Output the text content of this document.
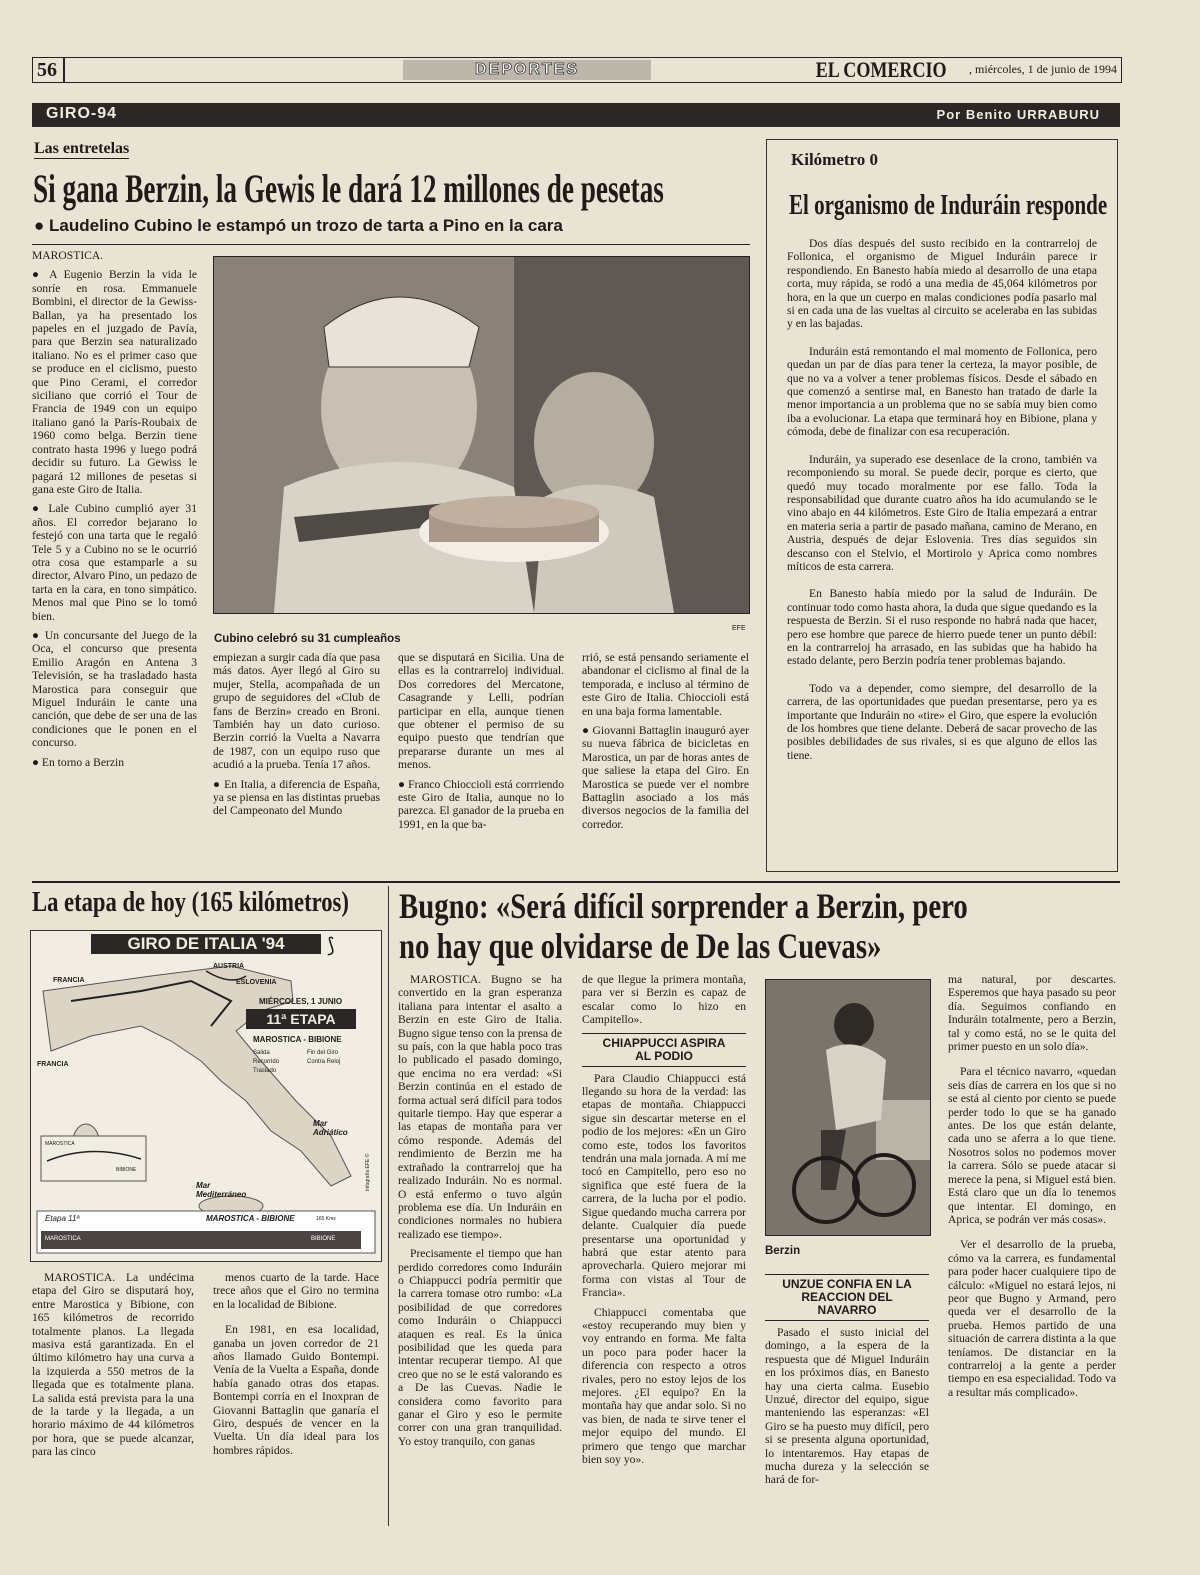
56	DEPORTES	EL COMERCIO , miércoles, 1 de junio de 1994
GIRO-94	Por Benito URRABURU
Las entretelas
Si gana Berzin, la Gewis le dará 12 millones de pesetas
● Laudelino Cubino le estampó un trozo de tarta a Pino en la cara

MAROSTICA.

● A Eugenio Berzin la vida le sonríe en rosa. Emmanuele Bombini, el director de la Gewiss-Ballan, ya ha presentado los papeles en el juzgado de Pavía, para que Berzin sea naturalizado italiano. No es el primer caso que se produce en el ciclismo, puesto que Pino Cerami, el corredor siciliano que corrió el Tour de Francia de 1949 con un equipo italiano ganó la París-Roubaix de 1960 como belga. Berzin tiene contrato hasta 1996 y luego podrá decidir su futuro. La Gewiss le pagará 12 millones de pesetas si gana este Giro de Italia.

● Lale Cubino cumplió ayer 31 años. El corredor bejarano lo festejó con una tarta que le regaló Tele 5 y a Cubino no se le ocurrió otra cosa que estamparle a su director, Alvaro Pino, un pedazo de tarta en la cara, en tono simpático. Menos mal que Pino se lo tomó bien.

● Un concursante del Juego de la Oca, el concurso que presenta Emilio Aragón en Antena 3 Televisión, se ha trasladado hasta Marostica para conseguir que Miguel Induráin le cante una canción, que debe de ser una de las condiciones que le ponen en el concurso.

● En torno a Berzin

Cubino celebró su 31 cumpleaños
EFE

empiezan a surgir cada día que pasa más datos. Ayer llegó al Giro su mujer, Stella, acompañada de un grupo de seguidores del «Club de fans de Berzin» creado en Broni. También hay un dato curioso. Berzin corrió la Vuelta a Navarra de 1987, con un equipo ruso que acudió a la prueba. Tenía 17 años.

● En Italia, a diferencia de España, ya se piensa en las distintas pruebas del Campeonato del Mundo

que se disputará en Sicilia. Una de ellas es la contrarreloj individual. Dos corredores del Mercatone, Casagrande y Lelli, podrían participar en ella, aunque tienen que obtener el permiso de su equipo puesto que tendrían que prepararse durante un mes al menos.

● Franco Chioccioli está corrriendo este Giro de Italia, aunque no lo parezca. El ganador de la prueba en 1991, en la que ba-

rrió, se está pensando seriamente el abandonar el ciclismo al final de la temporada, e incluso al término de este Giro de Italia. Chioccioli está en una baja forma lamentable.

● Giovanni Battaglin inauguró ayer su nueva fábrica de bicicletas en Marostica, un par de horas antes de que saliese la etapa del Giro. En Marostica se puede ver el nombre Battaglin asociado a los más diversos negocios de la familia del corredor.

Kilómetro 0
El organismo de Induráin responde

Dos días después del susto recibido en la contrarreloj de Follonica, el organismo de Miguel Induráin parece ir respondiendo. En Banesto había miedo al desarrollo de una etapa corta, muy rápida, se rodó a una media de 45,064 kilómetros por hora, en la que un cuerpo en malas condiciones podía pasarlo mal si en cada una de las vueltas al circuito se aceleraba en las subidas y en las bajadas.

Induráin está remontando el mal momento de Follonica, pero quedan un par de días para tener la certeza, la mayor posible, de que no va a volver a tener problemas físicos. Desde el sábado en que comenzó a sentirse mal, en Banesto han tratado de darle la menor importancia a un problema que no se sabía muy bien como iba a evolucionar. La etapa que terminará hoy en Bibione, plana y cómoda, debe de finalizar con esa recuperación.

Induráin, ya superado ese desenlace de la crono, también va recomponiendo su moral. Se puede decir, porque es cierto, que quedó muy tocado moralmente por ese fallo. Toda la responsabilidad que durante cuatro años ha ido acumulando se le vino abajo en 44 kilómetros. Este Giro de Italia empezará a entrar en materia seria a partir de pasado mañana, camino de Merano, en Austria, después de dejar Eslovenia. Tres días seguidos sin descanso con el Stelvio, el Mortirolo y Aprica como nombres míticos de esta carrera.

En Banesto había miedo por la salud de Induráin. De continuar todo como hasta ahora, la duda que sigue quedando es la respuesta de Berzin. Si el ruso responde no habrá nada que hacer, pero ese hombre que parece de hierro puede tener un punto débil: en la contrarreloj ha arrasado, en las subidas que ha habido ha estado delante, pero Berzin podría tener problemas bajando.

Todo va a depender, como siempre, del desarrollo de la carrera, de las oportunidades que puedan presentarse, pero ya es importante que Induráin no «tire» el Giro, que espere la evolución de los hombres que tiene delante. Deberá de sacar provecho de las posibles debilidades de sus rivales, si es que alguno de ellos las tiene.

La etapa de hoy (165 kilómetros)
GIRO DE ITALIA '94	⟆
AUSTRIA
ESLOVENIA
FRANCIA
FRANCIA
MIÉRCOLES, 1 JUNIO
11ª ETAPA
MAROSTICA - BIBIONE
Salida	Fin del Giro
Recorrido	Contra Reloj
Traslado
Mar Adriático
Mar Mediterráneo
MAROSTICA
BIBIONE
Etapa 11ª	MAROSTICA - BIBIONE	165 Kms
MAROSTICA	BIBIONE
Infografía EFE ©

MAROSTICA. La undécima etapa del Giro se disputará hoy, entre Marostica y Bibione, con 165 kilómetros de recorrido totalmente planos. La llegada masiva está garantizada. En el último kilómetro hay una curva a la izquierda a 550 metros de la llegada que es totalmente plana. La salida está prevista para la una de la tarde y la llegada, a un horario máximo de 44 kilómetros por hora, que se puede alcanzar, para las cinco

menos cuarto de la tarde. Hace trece años que el Giro no termina en la localidad de Bibione.

En 1981, en esa localidad, ganaba un joven corredor de 21 años llamado Guido Bontempi. Venía de la Vuelta a España, donde había ganado otras dos etapas. Bontempi corría en el Inoxpran de Giovanni Battaglin que ganaría el Giro, después de vencer en la Vuelta. Un día ideal para los hombres rápidos.

Bugno: «Será difícil sorprender a Berzin, pero
no hay que olvidarse de De las Cuevas»

MAROSTICA. Bugno se ha convertido en la gran esperanza italiana para intentar el asalto a Berzin en este Giro de Italia. Bugno sigue tenso con la prensa de su país, con la que habla poco tras lo publicado el pasado domingo, que encima no era verdad: «Si Berzin continúa en el estado de forma actual será difícil para todos quitarle tiempo. Hay que esperar a las etapas de montaña para ver cómo responde. Además del rendimiento de Berzin me ha extrañado la contrarreloj que ha realizado Induráin. No es normal. O está enfermo o tuvo algún problema ese día. Un Induráin en condiciones normales no hubiera realizado ese tiempo».

Precisamente el tiempo que han perdido corredores como Induráin o Chiappucci podría permitir que la carrera tomase otro rumbo: «La posibilidad de que corredores como Induráin o Chiappucci ataquen es real. Es la única posibilidad que les queda para intentar recuperar tiempo. Al que creo que no se le está valorando es a De las Cuevas. Nadie le considera como favorito para ganar el Giro y eso le permite correr con una gran tranquilidad. Yo estoy tranquilo, con ganas

de que llegue la primera montaña, para ver si Berzin es capaz de escalar como lo hizo en Campitello».

CHIAPPUCCI ASPIRA AL PODIO

Para Claudio Chiappucci está llegando su hora de la verdad: las etapas de montaña. Chiappucci sigue sin descartar meterse en el podio de los mejores: «En un Giro como este, todos los favoritos tendrán una mala jornada. A mí me tocó en Campitello, pero eso no significa que esté fuera de la carrera, de la lucha por el podio. Sigue quedando mucha carrera por delante. Cualquier día puede presentarse una oportunidad y habrá que estar atento para aprovecharla. Quiero mejorar mi forma con vistas al Tour de Francia».

Chiappucci comentaba que «estoy recuperando muy bien y voy entrando en forma. Me falta un poco para poder hacer la diferencia con respecto a otros rivales, pero no estoy lejos de los mejores. ¿El equipo? En la montaña hay que andar solo. Si no vas bien, de nada te sirve tener el mejor equipo del mundo. El primero que tengo que marchar bien soy yo».

Berzin
UNZUE CONFIA EN LA REACCION DEL NAVARRO

Pasado el susto inicial del domingo, a la espera de la respuesta que dé Miguel Induráin en los próximos días, en Banesto hay una cierta calma. Eusebio Unzué, director del equipo, sigue manteniendo las esperanzas: «El Giro se ha puesto muy difícil, pero si se presenta alguna oportunidad, lo intentaremos. Hay etapas de mucha dureza y la selección se hará de for-

ma natural, por descartes. Esperemos que haya pasado su peor día. Seguimos confiando en Induráin totalmente, pero a Berzin, tal y como está, no se le quita del primer puesto en un solo día».

Para el técnico navarro, «quedan seis días de carrera en los que si no se está al ciento por ciento se puede perder todo lo que se ha ganado antes. De los que están delante, cada uno se aferra a lo que tiene. Nosotros solos no podemos mover la carrera. Sólo se puede atacar si merece la pena, si Miguel está bien. Está claro que un día lo tenemos que intentar. El domingo, en Aprica, se podrán ver más cosas».

Ver el desarrollo de la prueba, cómo va la carrera, es fundamental para poder hacer cualquiere tipo de cálculo: «Miguel no estará lejos, ni peor que Bugno y Armand, pero queda ver el desarrollo de la prueba. Hemos partido de una situación de carrera distinta a la que teníamos. De distanciar en la contrarreloj a la gente a perder tiempo en esa especialidad. Todo va a resultar más complicado».
